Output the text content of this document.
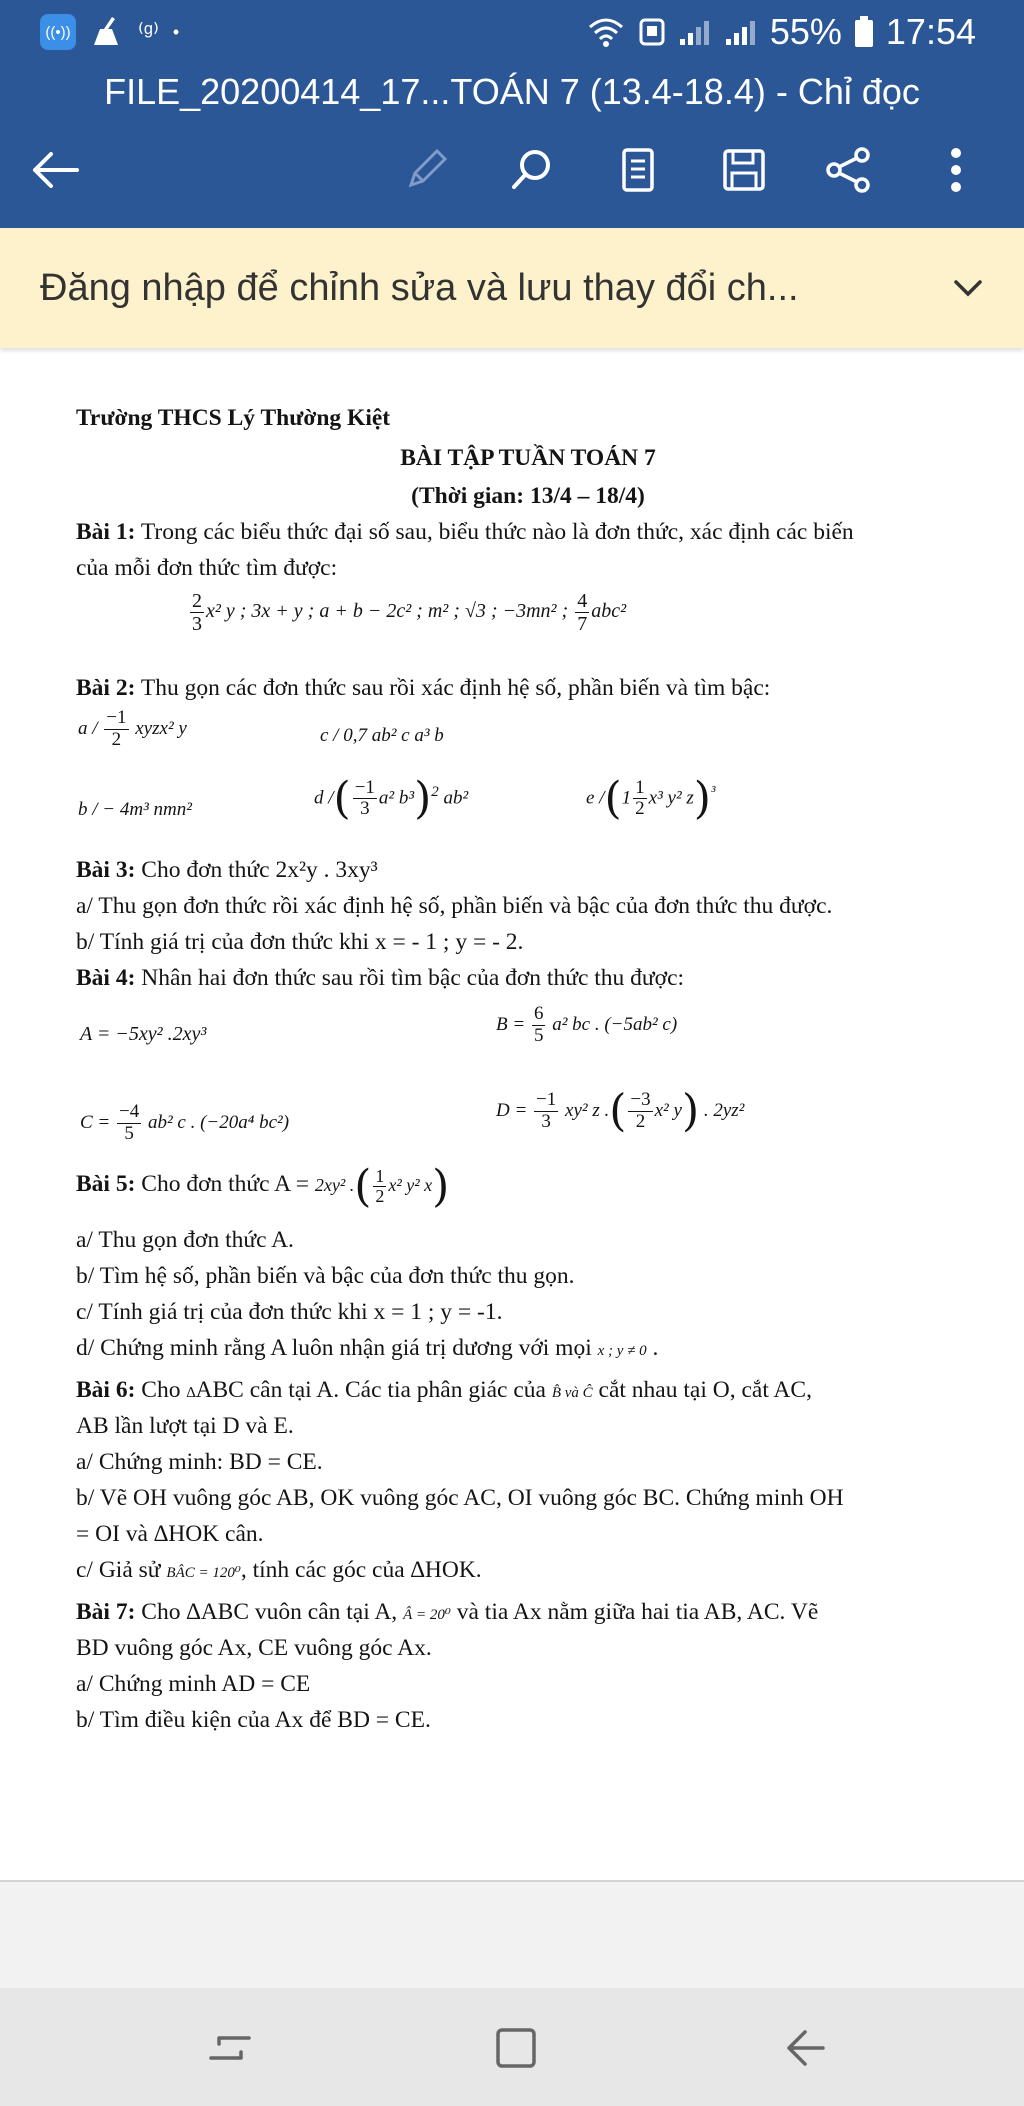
((•))	⁽ᵍ⁾ •	55% 17:54
FILE_20200414_17...TOÁN 7 (13.4-18.4) - Chỉ đọc
Đăng nhập để chỉnh sửa và lưu thay đổi ch...
Trường THCS Lý Thường Kiệt
BÀI TẬP TUẦN TOÁN 7
(Thời gian: 13/4 – 18/4)
Bài 1: Trong các biểu thức đại số sau, biểu thức nào là đơn thức, xác định các biến
của mỗi đơn thức tìm được:
$\frac{2}{3} x^2$ y ; 3x + y ; a + b − 2c² ; m² ; √3 ; −3mn² ; $\frac{4}{7} abc^2$
Bài 2: Thu gọn các đơn thức sau rồi xác định hệ số, phần biến và tìm bậc:
a / $\frac{-1}{2}$ xyzx² y	c / 0,7 ab² c a³ b
b / − 4m³ nmn²
d /( $\frac{-1}{3} a^2$ b³)$^2$ ab²	e $/(1 \frac{1}{2} x^3$ y² z)$^{^3}$
Bài 3: Cho đơn thức 2x²y . 3xy³
a/ Thu gọn đơn thức rồi xác định hệ số, phần biến và bậc của đơn thức thu được.
b/ Tính giá trị của đơn thức khi x = - 1 ; y = - 2.
Bài 4: Nhân hai đơn thức sau rồi tìm bậc của đơn thức thu được:
A = −5xy² .2xy³	$B = \frac{6}{5} a^2$ bc . (−5ab² c)
$C = \frac{-4}{5} ab^2$ c . (−20a⁴ bc²)
$D = \frac{-1}{3} xy^2$ z .( $\frac{-3}{2} x^2$ y) . 2yz²
Bài 5: Cho đơn thức A = 2xy² .( $\frac{1}{2} x^2$ y² x)
a/ Thu gọn đơn thức A.
b/ Tìm hệ số, phần biến và bậc của đơn thức thu gọn.
c/ Tính giá trị của đơn thức khi x = 1 ; y = -1.
d/ Chứng minh rằng A luôn nhận giá trị dương với mọi x ; y ≠ 0 .
Bài 6: Cho ∆ABC cân tại A. Các tia phân giác của B̂ và Ĉ cắt nhau tại O, cắt AC,
AB lần lượt tại D và E.
a/ Chứng minh: BD = CE.
b/ Vẽ OH vuông góc AB, OK vuông góc AC, OI vuông góc BC. Chứng minh OH
= OI và ∆HOK cân.
c/ Giả sử BÂC = 120⁰, tính các góc của ∆HOK.
Bài 7: Cho ∆ABC vuôn cân tại A, Â = 20⁰ và tia Ax nằm giữa hai tia AB, AC. Vẽ
BD vuông góc Ax, CE vuông góc Ax.
a/ Chứng minh AD = CE
b/ Tìm điều kiện của Ax để BD = CE.
